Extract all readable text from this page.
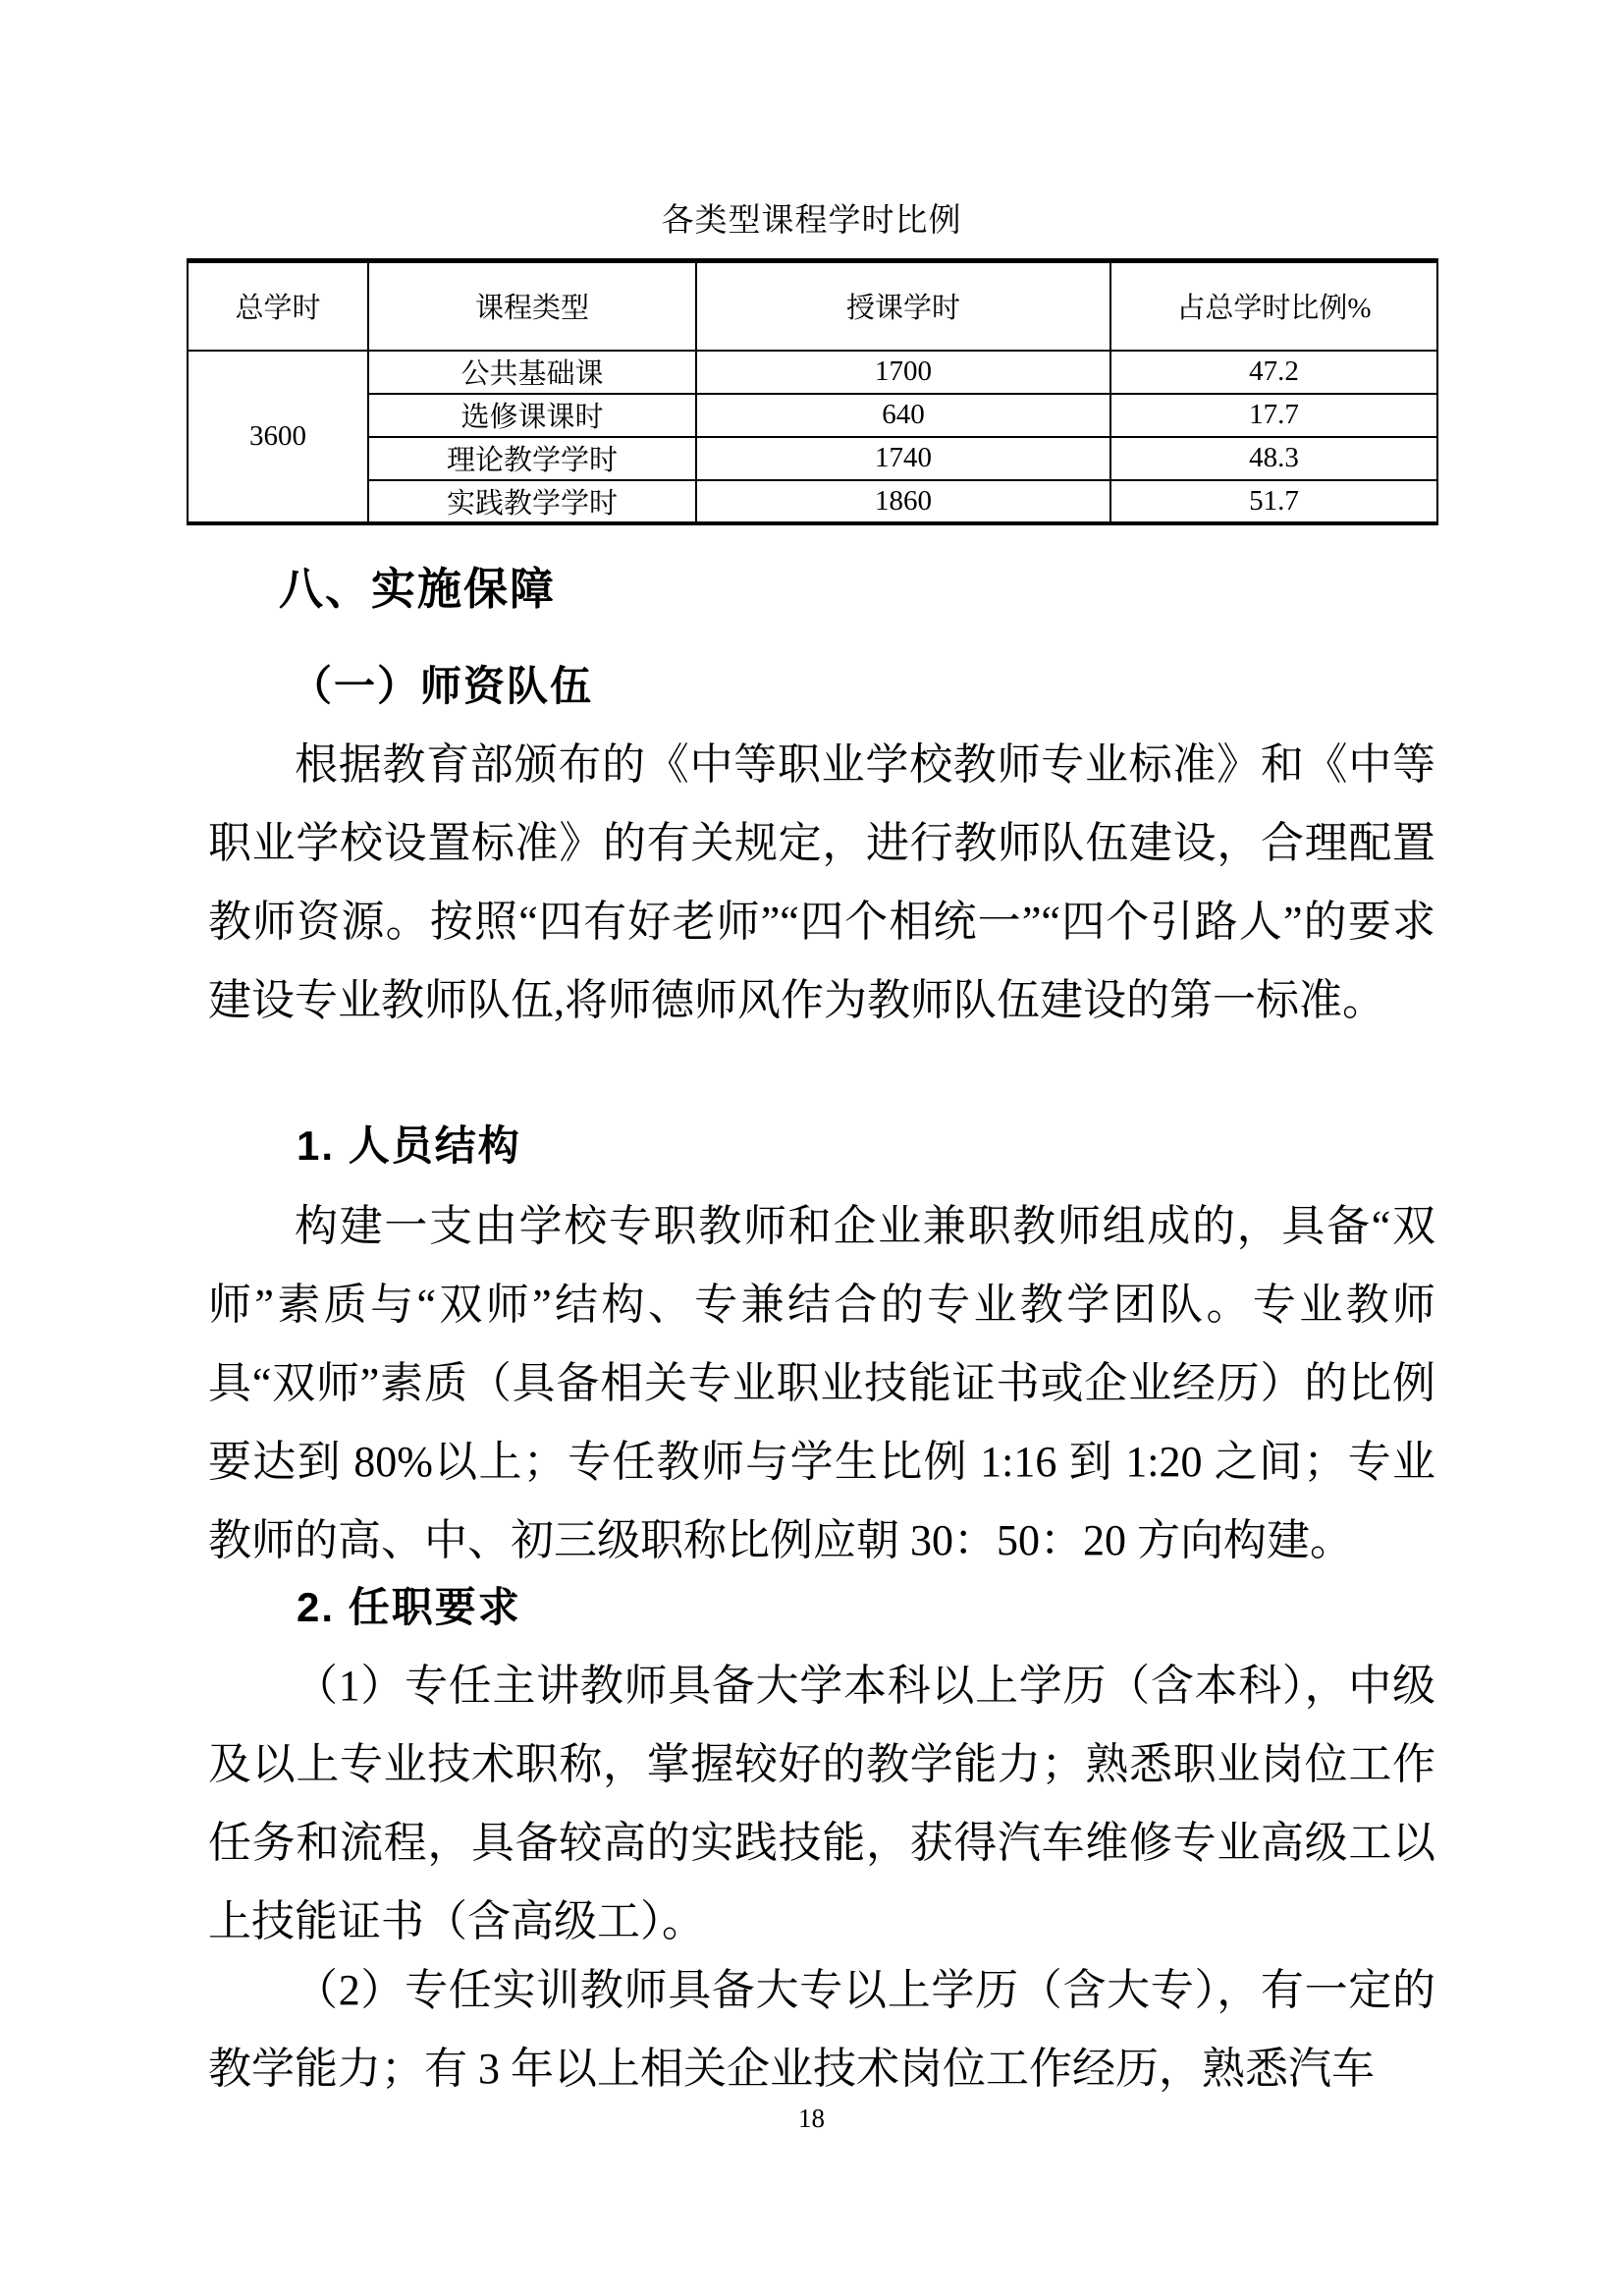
各类型课程学时比例
总学时	课程类型	授课学时	占总学时比例%
3600	公共基础课	1700	47.2
	选修课课时	640	17.7
	理论教学学时	1740	48.3
	实践教学学时	1860	51.7
八、实施保障
（一）师资队伍

根据教育部颁布的《中等职业学校教师专业标准》和《中等职业学校设置标准》的有关规定，进行教师队伍建设，合理配置教师资源。按照“四有好老师”“四个相统一”“四个引路人”的要求建设专业教师队伍,将师德师风作为教师队伍建设的第一标准。

1. 人员结构

构建一支由学校专职教师和企业兼职教师组成的，具备“双师”素质与“双师”结构、专兼结合的专业教学团队。专业教师具“双师”素质（具备相关专业职业技能证书或企业经历）的比例要达到 80%以上；专任教师与学生比例 1:16 到 1:20 之间；专业教师的高、中、初三级职称比例应朝 30：50：20 方向构建。

2. 任职要求

（1）专任主讲教师具备大学本科以上学历（含本科），中级及以上专业技术职称，掌握较好的教学能力；熟悉职业岗位工作任务和流程，具备较高的实践技能，获得汽车维修专业高级工以上技能证书（含高级工）。

（2）专任实训教师具备大专以上学历（含大专），有一定的教学能力；有 3 年以上相关企业技术岗位工作经历，熟悉汽车

18
